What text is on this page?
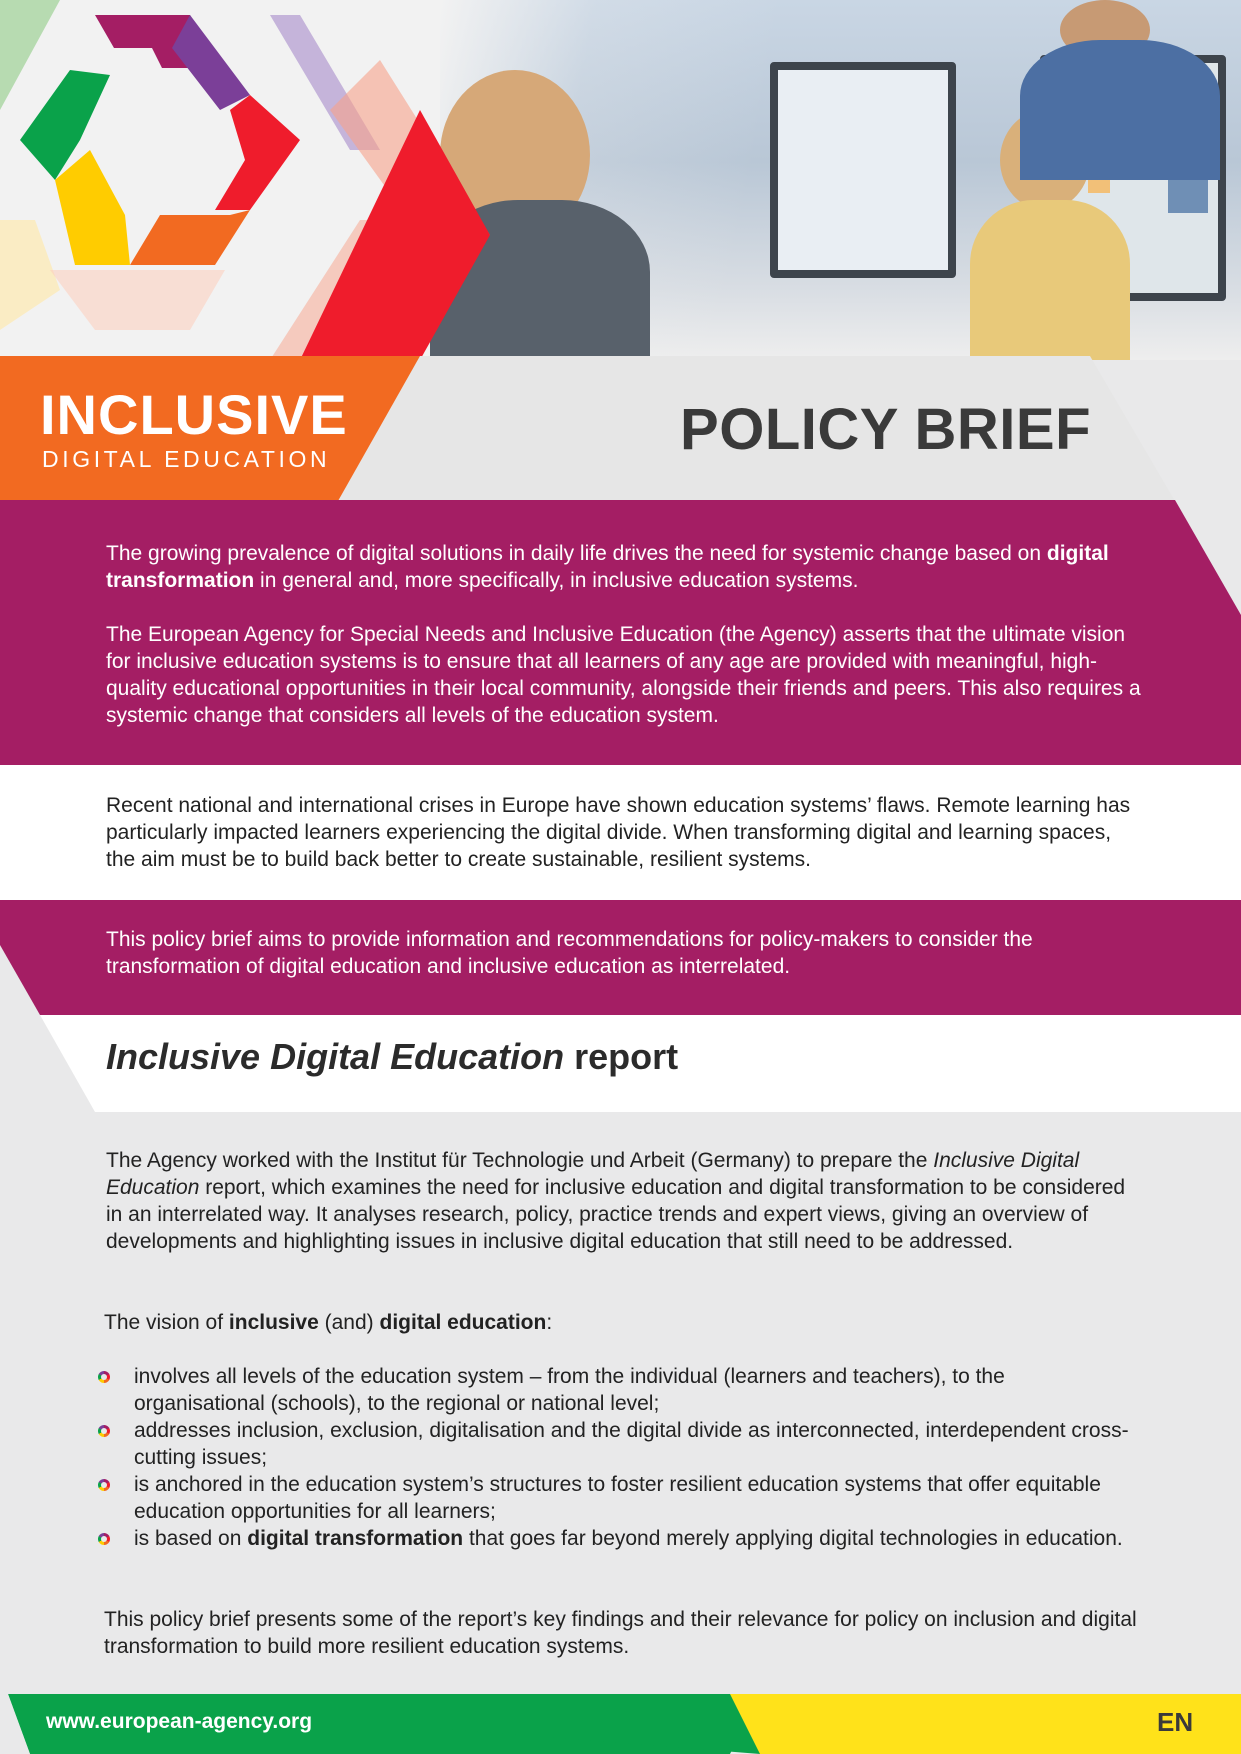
INCLUSIVE
DIGITAL EDUCATION	POLICY BRIEF

The growing prevalence of digital solutions in daily life drives the need for systemic change based on digital transformation in general and, more specifically, in inclusive education systems.

The European Agency for Special Needs and Inclusive Education (the Agency) asserts that the ultimate vision for inclusive education systems is to ensure that all learners of any age are provided with meaningful, high-quality educational opportunities in their local community, alongside their friends and peers. This also requires a systemic change that considers all levels of the education system.

Recent national and international crises in Europe have shown education systems’ flaws. Remote learning has particularly impacted learners experiencing the digital divide. When transforming digital and learning spaces, the aim must be to build back better to create sustainable, resilient systems.
This policy brief aims to provide information and recommendations for policy-makers to consider the transformation of digital education and inclusive education as interrelated.
Inclusive Digital Education report
The Agency worked with the Institut für Technologie und Arbeit (Germany) to prepare the Inclusive Digital Education report, which examines the need for inclusive education and digital transformation to be considered in an interrelated way. It analyses research, policy, practice trends and expert views, giving an overview of developments and highlighting issues in inclusive digital education that still need to be addressed.
The vision of inclusive (and) digital education:
involves all levels of the education system – from the individual (learners and teachers), to the organisational (schools), to the regional or national level;
addresses inclusion, exclusion, digitalisation and the digital divide as interconnected, interdependent cross-cutting issues;
is anchored in the education system’s structures to foster resilient education systems that offer equitable education opportunities for all learners;
is based on digital transformation that goes far beyond merely applying digital technologies in education.
This policy brief presents some of the report’s key findings and their relevance for policy on inclusion and digital transformation to build more resilient education systems.
www.european-agency.org	EN
